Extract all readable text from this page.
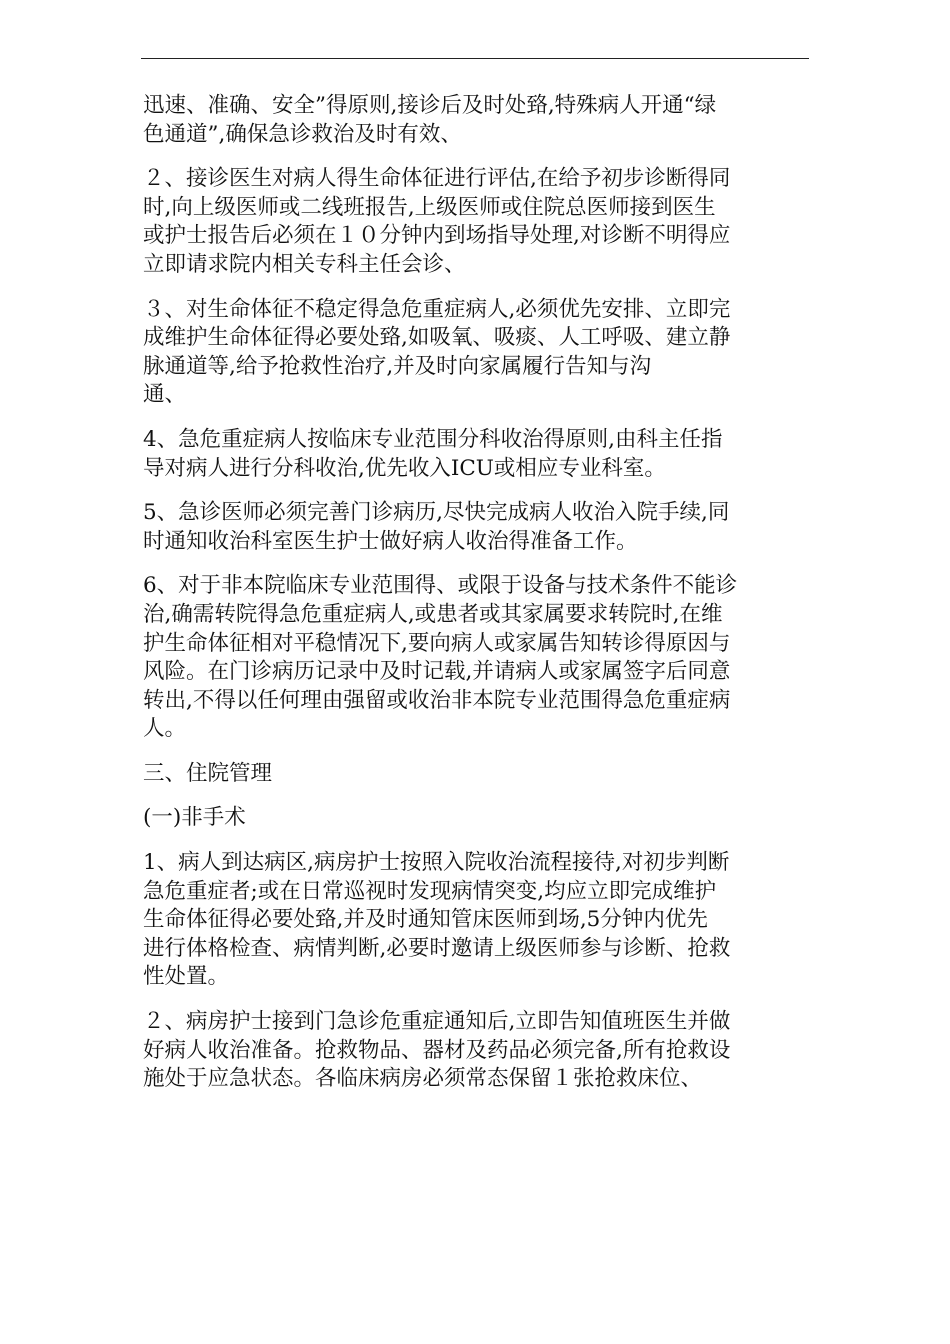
迅速、准确、安全”得原则,接诊后及时处臵,特殊病人开通“绿
色通道”,确保急诊救治及时有效、

２、接诊医生对病人得生命体征进行评估,在给予初步诊断得同
时,向上级医师或二线班报告,上级医师或住院总医师接到医生
或护士报告后必须在１０分钟内到场指导处理,对诊断不明得应
立即请求院内相关专科主任会诊、

３、对生命体征不稳定得急危重症病人,必须优先安排、立即完
成维护生命体征得必要处臵,如吸氧、吸痰、人工呼吸、建立静
脉通道等,给予抢救性治疗,并及时向家属履行告知与沟
通、

4、急危重症病人按临床专业范围分科收治得原则,由科主任指
导对病人进行分科收治,优先收入ICU或相应专业科室。

5、急诊医师必须完善门诊病历,尽快完成病人收治入院手续,同
时通知收治科室医生护士做好病人收治得准备工作。

6、对于非本院临床专业范围得、或限于设备与技术条件不能诊
治,确需转院得急危重症病人,或患者或其家属要求转院时,在维
护生命体征相对平稳情况下,要向病人或家属告知转诊得原因与
风险。在门诊病历记录中及时记载,并请病人或家属签字后同意
转出,不得以任何理由强留或收治非本院专业范围得急危重症病
人。

三、住院管理

(一)非手术

1、病人到达病区,病房护士按照入院收治流程接待,对初步判断
急危重症者;或在日常巡视时发现病情突变,均应立即完成维护
生命体征得必要处臵,并及时通知管床医师到场,5分钟内优先
进行体格检查、病情判断,必要时邀请上级医师参与诊断、抢救
性处置。

２、病房护士接到门急诊危重症通知后,立即告知值班医生并做
好病人收治准备。抢救物品、器材及药品必须完备,所有抢救设
施处于应急状态。各临床病房必须常态保留１张抢救床位、
